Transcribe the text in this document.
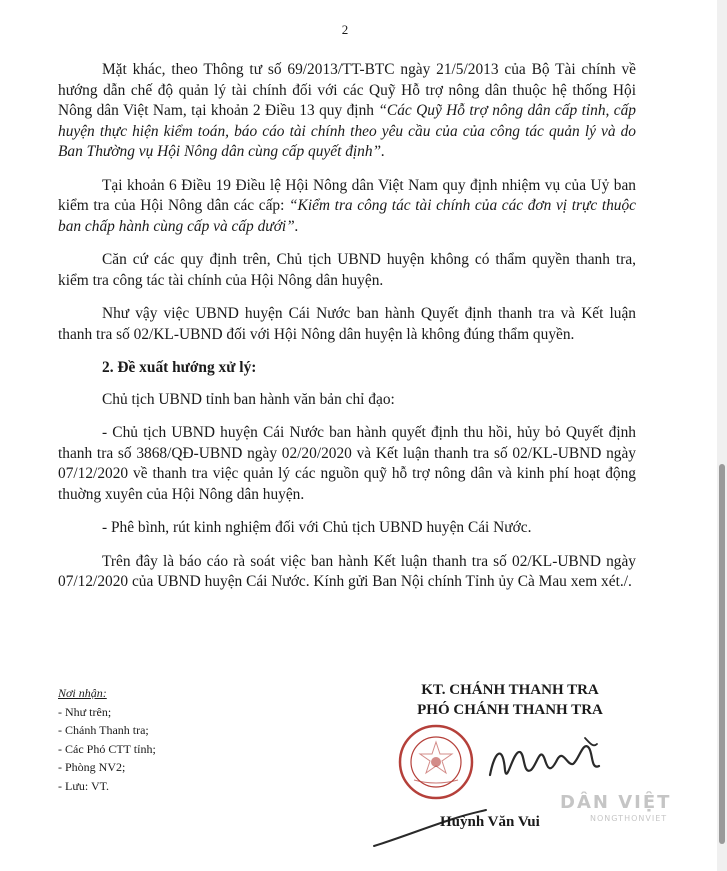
2

Mặt khác, theo Thông tư số 69/2013/TT-BTC ngày 21/5/2013 của Bộ Tài chính về hướng dẫn chế độ quản lý tài chính đối với các Quỹ Hỗ trợ nông dân thuộc hệ thống Hội Nông dân Việt Nam, tại khoản 2 Điều 13 quy định “Các Quỹ Hỗ trợ nông dân cấp tỉnh, cấp huyện thực hiện kiểm toán, báo cáo tài chính theo yêu cầu của của công tác quản lý và do Ban Thường vụ Hội Nông dân cùng cấp quyết định”.

Tại khoản 6 Điều 19 Điều lệ Hội Nông dân Việt Nam quy định nhiệm vụ của Uỷ ban kiểm tra của Hội Nông dân các cấp: “Kiểm tra công tác tài chính của các đơn vị trực thuộc ban chấp hành cùng cấp và cấp dưới”.

Căn cứ các quy định trên, Chủ tịch UBND huyện không có thẩm quyền thanh tra, kiểm tra công tác tài chính của Hội Nông dân huyện.

Như vậy việc UBND huyện Cái Nước ban hành Quyết định thanh tra và Kết luận thanh tra số 02/KL-UBND đối với Hội Nông dân huyện là không đúng thẩm quyền.

2. Đề xuất hướng xử lý:

Chủ tịch UBND tỉnh ban hành văn bản chỉ đạo:

- Chủ tịch UBND huyện Cái Nước ban hành quyết định thu hồi, hủy bỏ Quyết định thanh tra số 3868/QĐ-UBND ngày 02/20/2020 và Kết luận thanh tra số 02/KL-UBND ngày 07/12/2020 về thanh tra việc quản lý các nguồn quỹ hỗ trợ nông dân và kinh phí hoạt động thuờng xuyên của Hội Nông dân huyện.

- Phê bình, rút kinh nghiệm đối với Chủ tịch UBND huyện Cái Nước.

Trên đây là báo cáo rà soát việc ban hành Kết luận thanh tra số 02/KL-UBND ngày 07/12/2020 của UBND huyện Cái Nước. Kính gửi Ban Nội chính Tỉnh ủy Cà Mau xem xét./.

Nơi nhận:
- Như trên;
- Chánh Thanh tra;
- Các Phó CTT tỉnh;
- Phòng NV2;
- Lưu: VT.
KT. CHÁNH THANH TRA
PHÓ CHÁNH THANH TRA
Huỳnh Văn Vui
DÂN VIỆT
NONGTHONVIET
